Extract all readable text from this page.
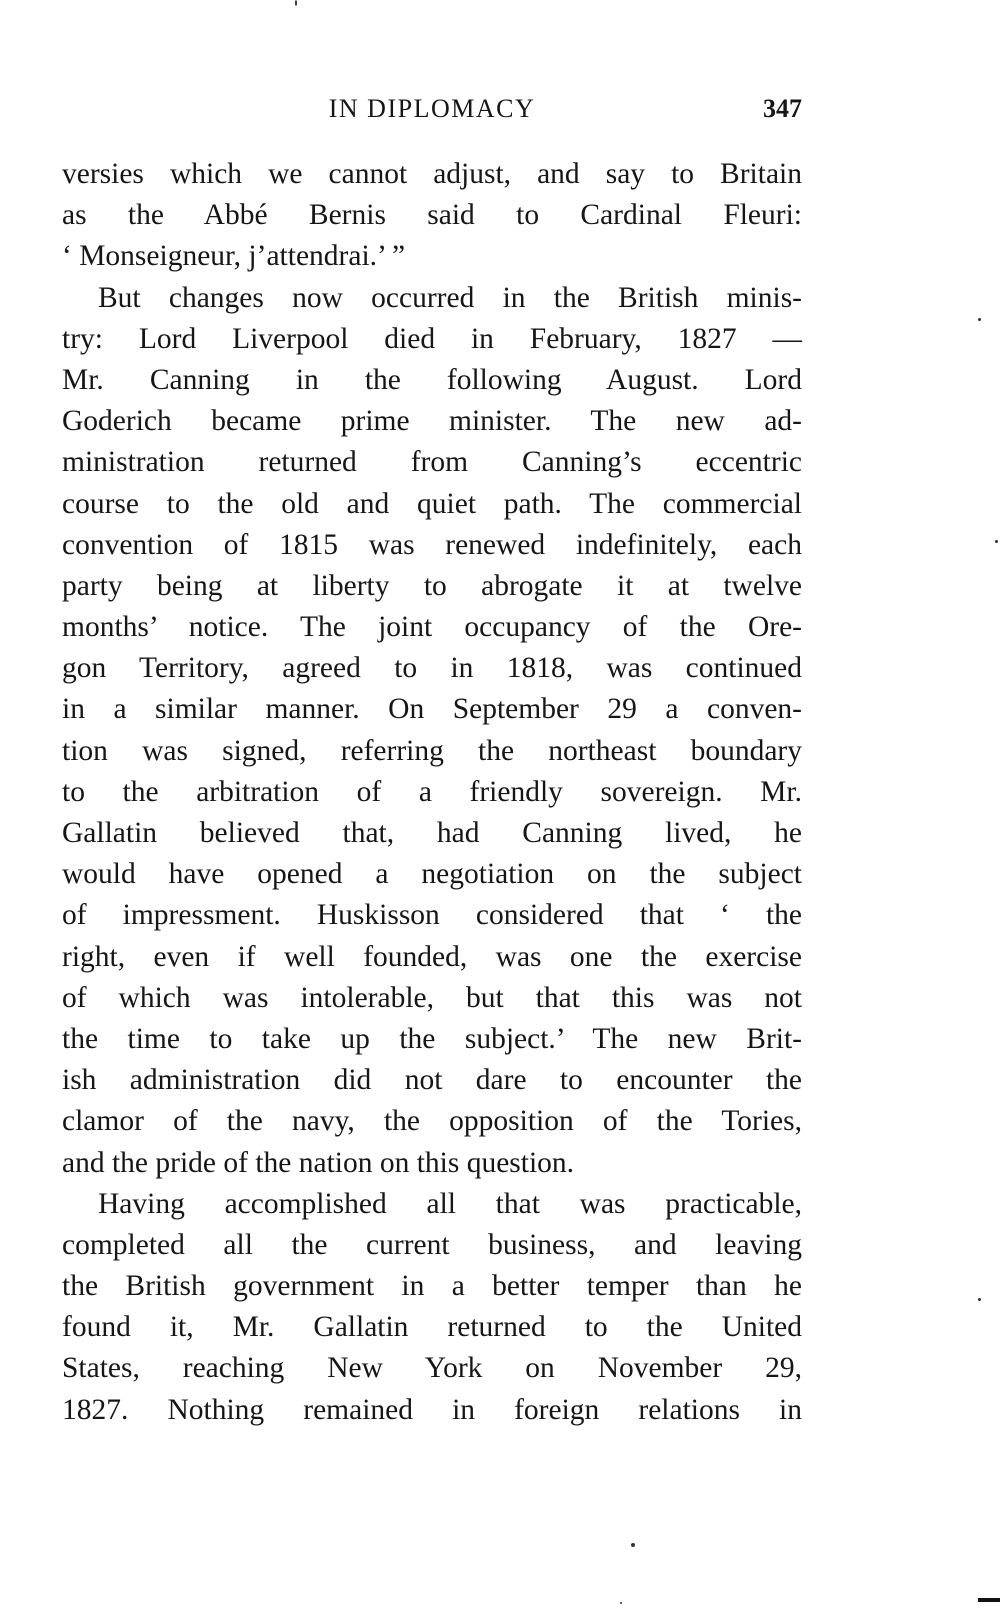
IN DIPLOMACY	347
versies which we cannot adjust, and say to Britain
as the Abbé Bernis said to Cardinal Fleuri:
‘ Monseigneur, j’attendrai.’ ”
But changes now occurred in the British minis-
try: Lord Liverpool died in February, 1827 —
Mr. Canning in the following August. Lord
Goderich became prime minister. The new ad-
ministration returned from Canning’s eccentric
course to the old and quiet path. The commercial
convention of 1815 was renewed indefinitely, each
party being at liberty to abrogate it at twelve
months’ notice. The joint occupancy of the Ore-
gon Territory, agreed to in 1818, was continued
in a similar manner. On September 29 a conven-
tion was signed, referring the northeast boundary
to the arbitration of a friendly sovereign. Mr.
Gallatin believed that, had Canning lived, he
would have opened a negotiation on the subject
of impressment. Huskisson considered that ‘ the
right, even if well founded, was one the exercise
of which was intolerable, but that this was not
the time to take up the subject.’ The new Brit-
ish administration did not dare to encounter the
clamor of the navy, the opposition of the Tories,
and the pride of the nation on this question.
Having accomplished all that was practicable,
completed all the current business, and leaving
the British government in a better temper than he
found it, Mr. Gallatin returned to the United
States, reaching New York on November 29,
1827. Nothing remained in foreign relations in
